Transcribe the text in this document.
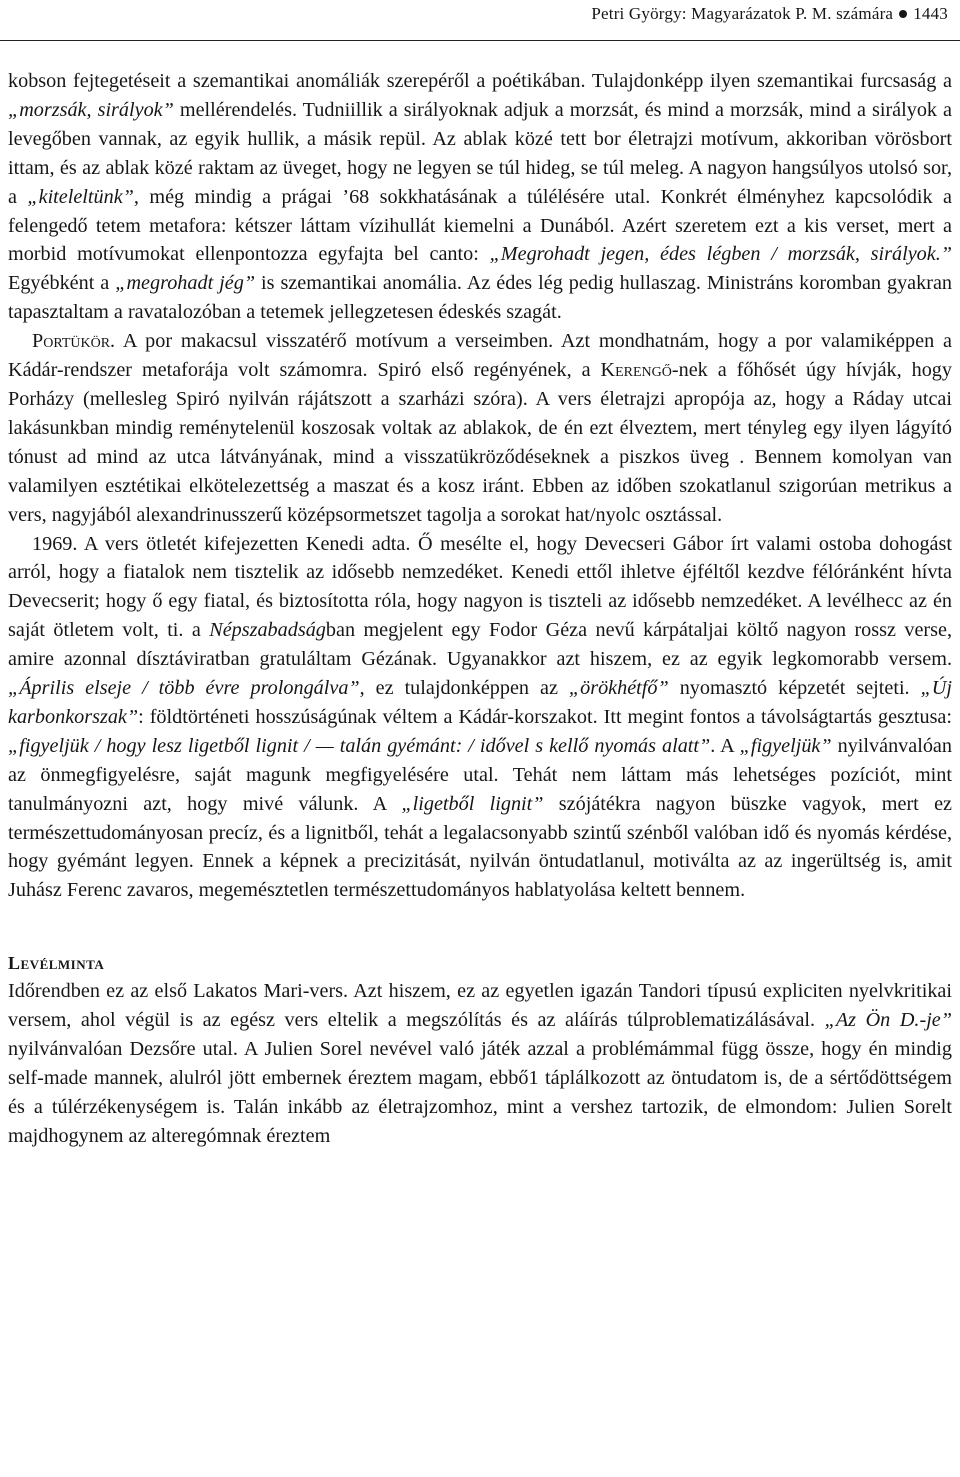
Petri György: Magyarázatok P. M. számára 1443

kobson fejtegetéseit a szemantikai anomáliák szerepéről a poétikában. Tulajdonképp ilyen szemantikai furcsaság a „morzsák, sirályok” mellérendelés. Tudniillik a sirályoknak adjuk a morzsát, és mind a morzsák, mind a sirályok a levegőben vannak, az egyik hullik, a másik repül. Az ablak közé tett bor életrajzi motívum, akkoriban vörösbort ittam, és az ablak közé raktam az üveget, hogy ne legyen se túl hideg, se túl meleg. A nagyon hangsúlyos utolsó sor, a „kiteleltünk”, még mindig a prágai ’68 sokkhatásának a túlélésére utal. Konkrét élményhez kapcsolódik a felengedő tetem metafora: kétszer láttam vízihullát kiemelni a Dunából. Azért szeretem ezt a kis verset, mert a morbid motívumokat ellenpontozza egyfajta bel canto: „Megrohadt jegen, édes légben / morzsák, sirályok.” Egyébként a „megrohadt jég” is szemantikai anomália. Az édes lég pedig hullaszag. Ministráns koromban gyakran tapasztaltam a ravatalozóban a tetemek jellegzetesen édeskés szagát.

Portükör. A por makacsul visszatérő motívum a verseimben. Azt mondhatnám, hogy a por valamiképpen a Kádár-rendszer metaforája volt számomra. Spiró első regényének, a Kerengő-nek a főhősét úgy hívják, hogy Porházy (mellesleg Spiró nyilván rájátszott a szarházi szóra). A vers életrajzi apropója az, hogy a Ráday utcai lakásunkban mindig reménytelenül koszosak voltak az ablakok, de én ezt élveztem, mert tényleg egy ilyen lágyító tónust ad mind az utca látványának, mind a visszatükröződéseknek a piszkos üveg . Bennem komolyan van valamilyen esztétikai elkötelezettség a maszat és a kosz iránt. Ebben az időben szokatlanul szigorúan metrikus a vers, nagyjából alexandrinusszerű középsormetszet tagolja a sorokat hat/nyolc osztással.

1969. A vers ötletét kifejezetten Kenedi adta. Ő mesélte el, hogy Devecseri Gábor írt valami ostoba dohogást arról, hogy a fiatalok nem tisztelik az idősebb nemzedéket. Kenedi ettől ihletve éjféltől kezdve félóránként hívta Devecserit; hogy ő egy fiatal, és biztosította róla, hogy nagyon is tiszteli az idősebb nemzedéket. A levélhecc az én saját ötletem volt, ti. a Népszabadságban megjelent egy Fodor Géza nevű kárpátaljai költő nagyon rossz verse, amire azonnal dísztáviratban gratuláltam Gézának. Ugyanakkor azt hiszem, ez az egyik legkomorabb versem. „Április elseje / több évre prolongálva”, ez tulajdonképpen az „örökhétfő” nyomasztó képzetét sejteti. „Új karbonkorszak”: földtörténeti hosszúságúnak véltem a Kádár-korszakot. Itt megint fontos a távolságtartás gesztusa: „figyeljük / hogy lesz ligetből lignit / — talán gyémánt: / idővel s kellő nyomás alatt”. A „figyeljük” nyilvánvalóan az önmegfigyelésre, saját magunk megfigyelésére utal. Tehát nem láttam más lehetséges pozíciót, mint tanulmányozni azt, hogy mivé válunk. A „ligetből lignit” szójátékra nagyon büszke vagyok, mert ez természettudományosan precíz, és a lignitből, tehát a legalacsonyabb szintű szénből valóban idő és nyomás kérdése, hogy gyémánt legyen. Ennek a képnek a precizitását, nyilván öntudatlanul, motiválta az az ingerültség is, amit Juhász Ferenc zavaros, megemésztetlen természettudományos hablatyolása keltett bennem.

Levélminta

Időrendben ez az első Lakatos Mari-vers. Azt hiszem, ez az egyetlen igazán Tandori típusú expliciten nyelvkritikai versem, ahol végül is az egész vers eltelik a megszólítás és az aláírás túlproblematizálásával. „Az Ön D.-je” nyilvánvalóan Dezsőre utal. A Julien Sorel nevével való játék azzal a problémámmal függ össze, hogy én mindig self-made mannek, alulról jött embernek éreztem magam, ebbő1 táplálkozott az öntudatom is, de a sértődöttségem és a túlérzékenységem is. Talán inkább az életrajzomhoz, mint a vershez tartozik, de elmondom: Julien Sorelt majdhogynem az alteregómnak éreztem
